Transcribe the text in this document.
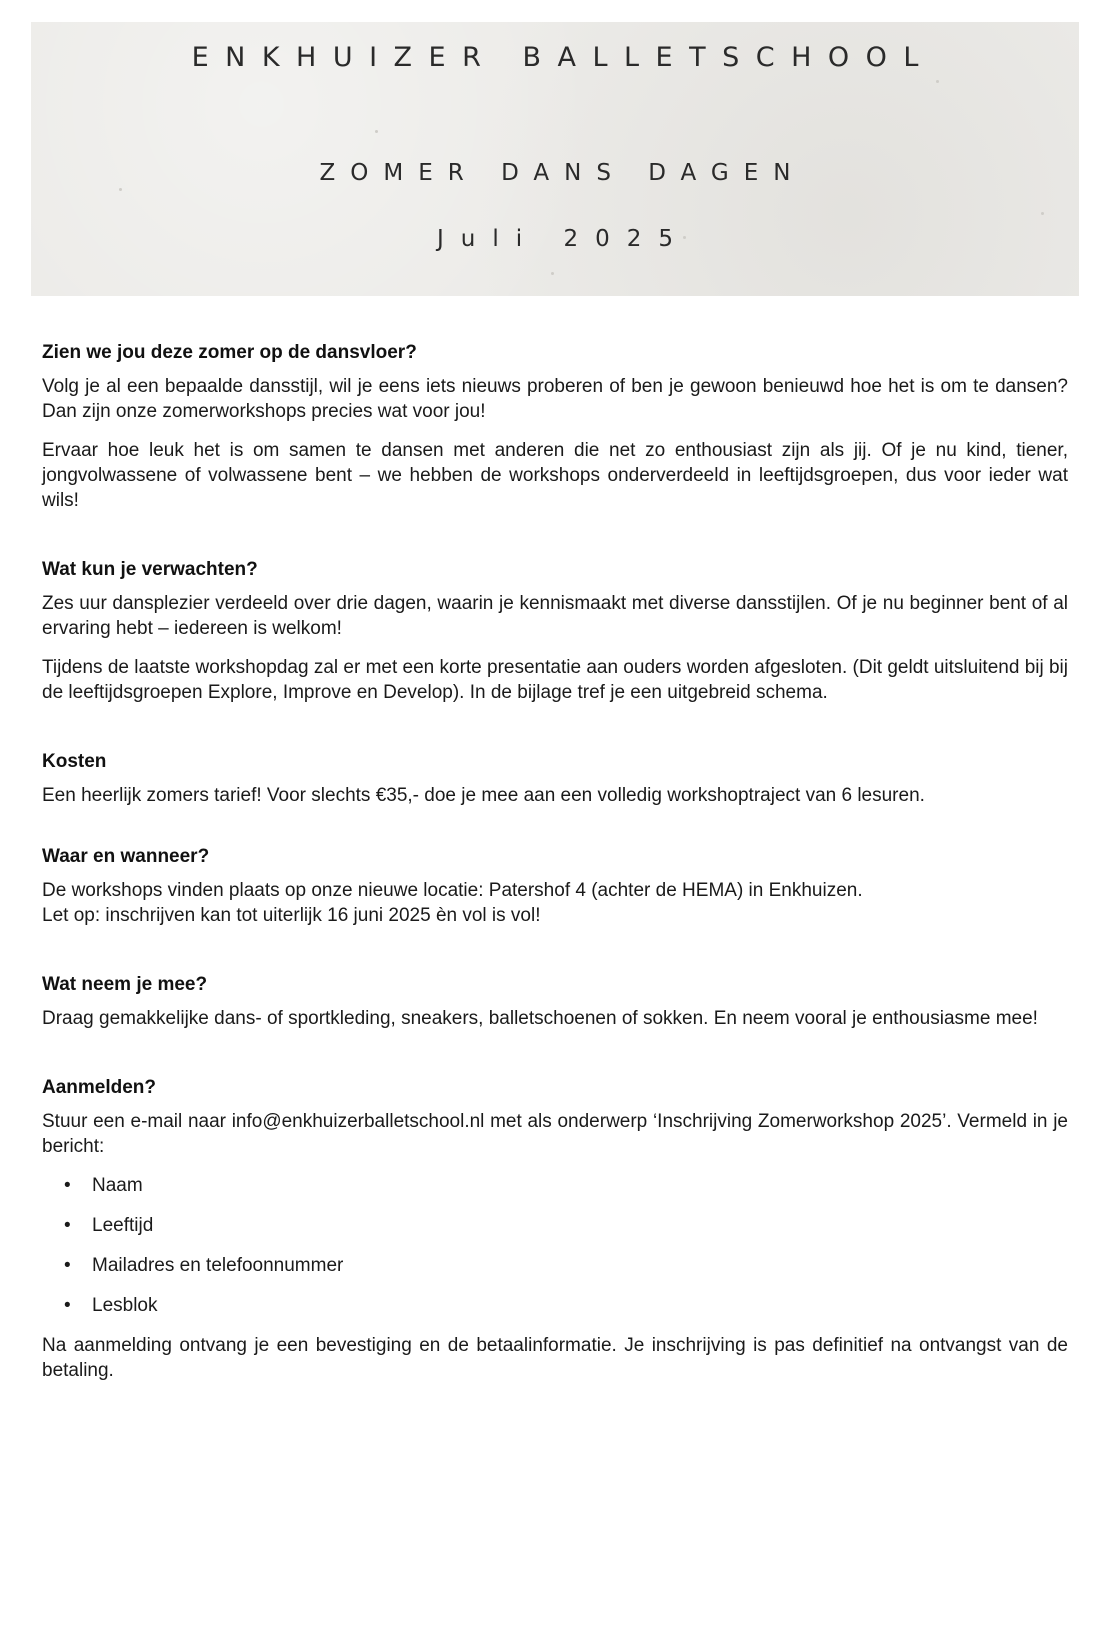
ENKHUIZER BALLETSCHOOL
ZOMER DANS DAGEN
Juli 2025
Zien we jou deze zomer op de dansvloer?

Volg je al een bepaalde dansstijl, wil je eens iets nieuws proberen of ben je gewoon benieuwd hoe het is om te dansen? Dan zijn onze zomerworkshops precies wat voor jou!

Ervaar hoe leuk het is om samen te dansen met anderen die net zo enthousiast zijn als jij. Of je nu kind, tiener, jongvolwassene of volwassene bent – we hebben de workshops onderverdeeld in leeftijdsgroepen, dus voor ieder wat wils!

Wat kun je verwachten?

Zes uur dansplezier verdeeld over drie dagen, waarin je kennismaakt met diverse dansstijlen. Of je nu beginner bent of al ervaring hebt – iedereen is welkom!

Tijdens de laatste workshopdag zal er met een korte presentatie aan ouders worden afgesloten. (Dit geldt uitsluitend bij bij de leeftijdsgroepen Explore, Improve en Develop). In de bijlage tref je een uitgebreid schema.

Kosten

Een heerlijk zomers tarief! Voor slechts €35,- doe je mee aan een volledig workshoptraject van 6 lesuren.

Waar en wanneer?

De workshops vinden plaats op onze nieuwe locatie: Patershof 4 (achter de HEMA) in Enkhuizen.
Let op: inschrijven kan tot uiterlijk 16 juni 2025 èn vol is vol!

Wat neem je mee?

Draag gemakkelijke dans- of sportkleding, sneakers, balletschoenen of sokken. En neem vooral je enthousiasme mee!

Aanmelden?

Stuur een e-mail naar info@enkhuizerballetschool.nl met als onderwerp ‘Inschrijving Zomerworkshop 2025’. Vermeld in je bericht:

• Naam
• Leeftijd
• Mailadres en telefoonnummer
• Lesblok

Na aanmelding ontvang je een bevestiging en de betaalinformatie. Je inschrijving is pas definitief na ontvangst van de betaling.
